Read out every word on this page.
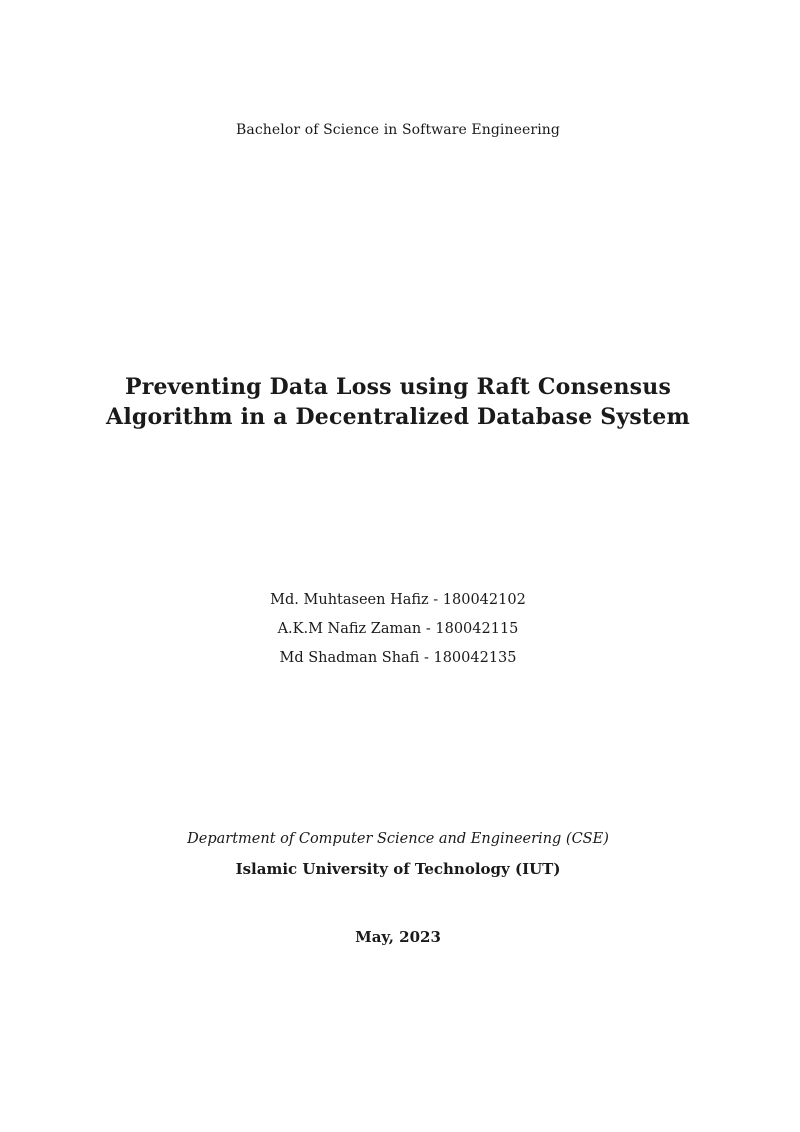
Bachelor of Science in Software Engineering
Preventing Data Loss using Raft Consensus
Algorithm in a Decentralized Database System
Md. Muhtaseen Hafiz - 180042102
A.K.M Nafiz Zaman - 180042115
Md Shadman Shafi - 180042135
Department of Computer Science and Engineering (CSE)
Islamic University of Technology (IUT)
May, 2023
